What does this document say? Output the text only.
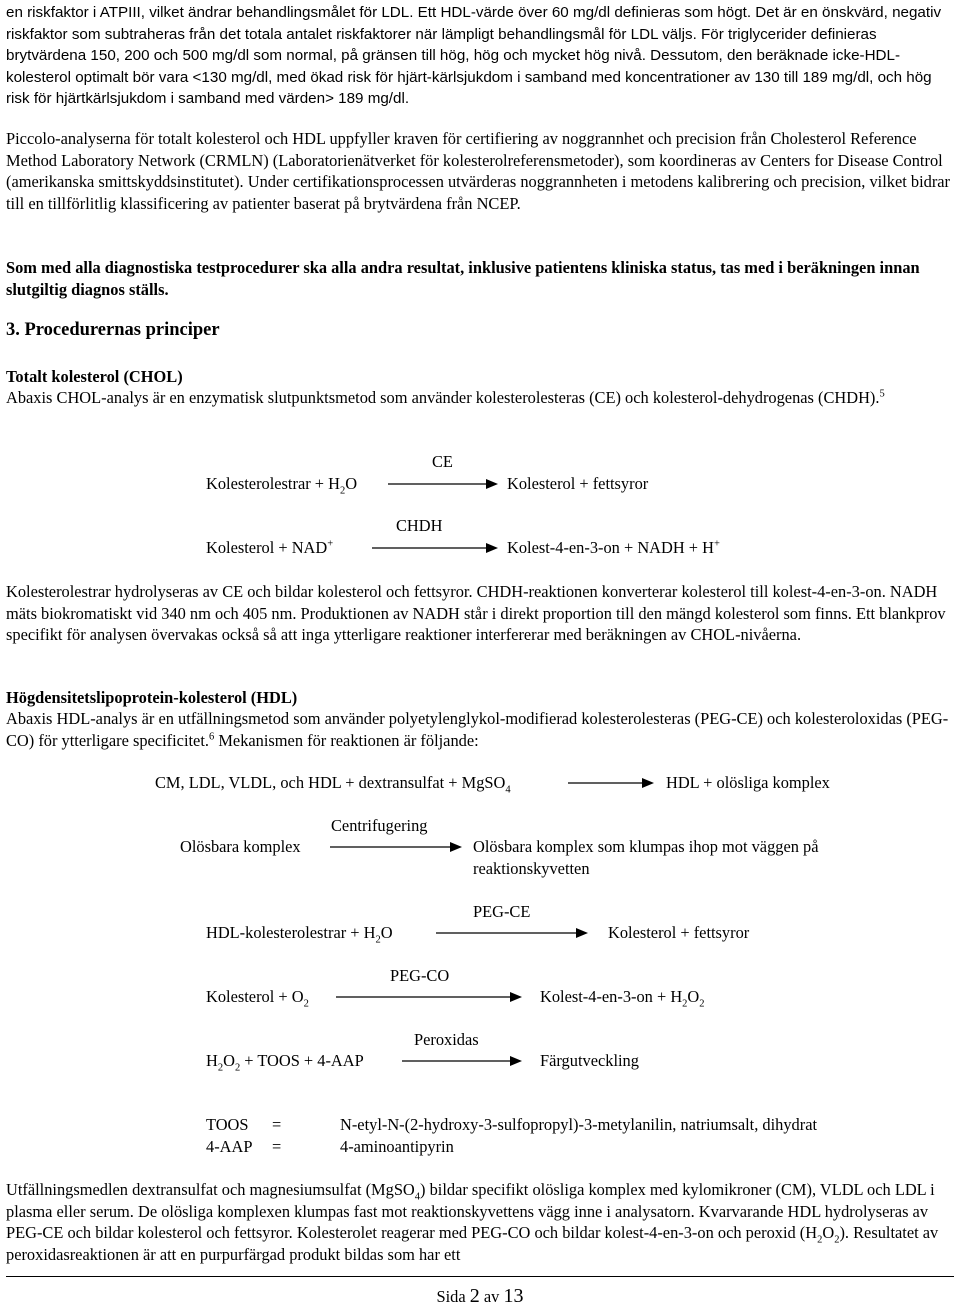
en riskfaktor i ATPIII, vilket ändrar behandlingsmålet för LDL. Ett HDL-värde över 60 mg/dl definieras som högt. Det är en önskvärd, negativ riskfaktor som subtraheras från det totala antalet riskfaktorer när lämpligt behandlingsmål för LDL väljs. För triglycerider definieras brytvärdena 150, 200 och 500 mg/dl som normal, på gränsen till hög, hög och mycket hög nivå. Dessutom, den beräknade icke-HDL-kolesterol optimalt bör vara <130 mg/dl, med ökad risk för hjärt-kärlsjukdom i samband med koncentrationer av 130 till 189 mg/dl, och hög risk för hjärtkärlsjukdom i samband med värden> 189 mg/dl.

Piccolo-analyserna för totalt kolesterol och HDL uppfyller kraven för certifiering av noggrannhet och precision från Cholesterol Reference Method Laboratory Network (CRMLN) (Laboratorienätverket för kolesterolreferensmetoder), som koordineras av Centers for Disease Control (amerikanska smittskyddsinstitutet). Under certifikationsprocessen utvärderas noggrannheten i metodens kalibrering och precision, vilket bidrar till en tillförlitlig klassificering av patienter baserat på brytvärdena från NCEP.

Som med alla diagnostiska testprocedurer ska alla andra resultat, inklusive patientens kliniska status, tas med i beräkningen innan slutgiltig diagnos ställs.

3. Procedurernas principer
Totalt kolesterol (CHOL)

Abaxis CHOL-analys är en enzymatisk slutpunktsmetod som använder kolesterolesteras (CE) och kolesterol-dehydrogenas (CHDH).$^5$

CE
Kolesterolestrar + $H_2O$	Kolesterol + fettsyror
CHDH
Kolesterol + NAD+	Kolest-4-en-3-on + NADH + H+

Kolesterolestrar hydrolyseras av CE och bildar kolesterol och fettsyror. CHDH-reaktionen konverterar kolesterol till kolest-4-en-3-on. NADH mäts biokromatiskt vid 340 nm och 405 nm. Produktionen av NADH står i direkt proportion till den mängd kolesterol som finns. Ett blankprov specifikt för analysen övervakas också så att inga ytterligare reaktioner interfererar med beräkningen av CHOL-nivåerna.

Högdensitetslipoprotein-kolesterol (HDL)

Abaxis HDL-analys är en utfällningsmetod som använder polyetylenglykol-modifierad kolesterolesteras (PEG-CE) och kolesteroloxidas (PEG-CO) för ytterligare specificitet.$^6$ Mekanismen för reaktionen är följande:

CM, LDL, VLDL, och HDL + dextransulfat + MgSO$_4$	HDL + olösliga komplex
Centrifugering
Olösbara komplex	Olösbara komplex som klumpas ihop mot väggen på
reaktionskyvetten
PEG-CE
HDL-kolesterolestrar + $H_2O$	Kolesterol + fettsyror
PEG-CO
Kolesterol + $O_2$	Kolest-4-en-3-on + $H_2O_2$
Peroxidas
$H_2O_2$ + TOOS + 4-AAP	Färgutveckling
TOOS =	N-etyl-N-(2-hydroxy-3-sulfopropyl)-3-metylanilin, natriumsalt, dihydrat
4-AAP =	4-aminoantipyrin

Utfällningsmedlen dextransulfat och magnesiumsulfat (MgSO$_4$) bildar specifikt olösliga komplex med kylomikroner (CM), VLDL och LDL i plasma eller serum. De olösliga komplexen klumpas fast mot reaktionskyvettens vägg inne i analysatorn. Kvarvarande HDL hydrolyseras av PEG-CE och bildar kolesterol och fettsyror. Kolesterolet reagerar med PEG-CO och bildar kolest-4-en-3-on och peroxid $(H_2O_2)$. Resultatet av peroxidasreaktionen är att en purpurfärgad produkt bildas som har ett

Sida 2 av 13
